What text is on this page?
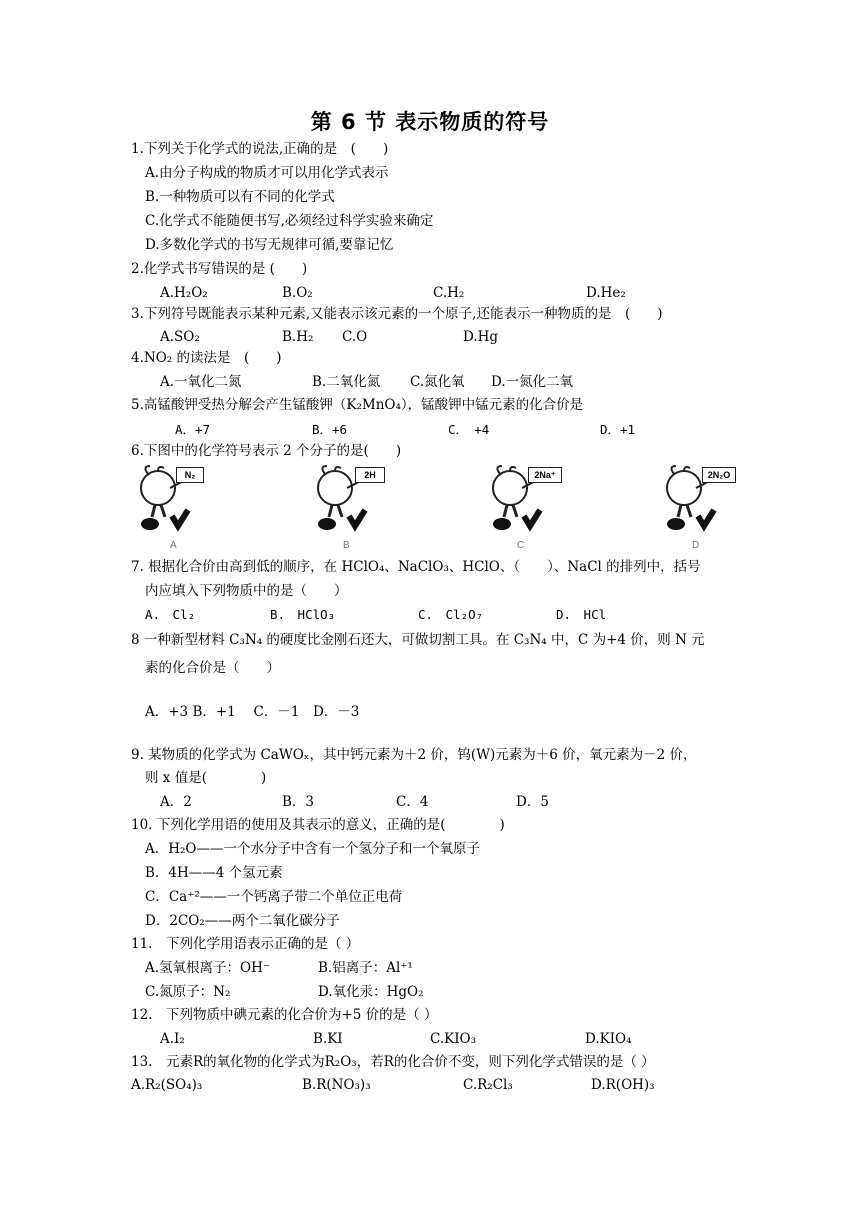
第 6 节 表示物质的符号
1.下列关于化学式的说法,正确的是　(　　)
A.由分子构成的物质才可以用化学式表示
B.一种物质可以有不同的化学式
C.化学式不能随便书写,必须经过科学实验来确定
D.多数化学式的书写无规律可循,要靠记忆
2.化学式书写错误的是 (　　)
A.H₂O₂	B.O₂	C.H₂	D.He₂
3.下列符号既能表示某种元素,又能表示该元素的一个原子,还能表示一种物质的是　(　　)
A.SO₂	B.H₂ C.O	D.Hg
4.NO₂ 的读法是　(　　)
A.一氧化二氮	B.二氧化氮 C.氮化氧 D.一氮化二氧
5.高锰酸钾受热分解会产生锰酸钾（K₂MnO₄），锰酸钾中锰元素的化合价是
A．+7	B．+6	C．　+4	D．+1
6.下图中的化学符号表示 2 个分子的是(　　)
N₂
A
2H
B
2Na⁺
C
2N₂O
D
7. 根据化合价由高到低的顺序，在 HClO₄、NaClO₃、HClO、（　　）、NaCl 的排列中，括号
内应填入下列物质中的是（　　）
A.　Cl₂	B.　HClO₃	C.　Cl₂O₇	D.　HCl
8 一种新型材料 C₃N₄ 的硬度比金刚石还大，可做切割工具。在 C₃N₄ 中，C 为+4 价，则 N 元
素的化合价是（　　）
A．+3 B．+1　 C．－1　D．－3
9. 某物质的化学式为 CaWOₓ，其中钙元素为＋2 价，钨(W)元素为＋6 价，氧元素为－2 价，
则 x 值是(　　　　)
A．2	B．3	C．4	D．5
10. 下列化学用语的使用及其表示的意义，正确的是(　　　　)
A．H₂O——一个水分子中含有一个氢分子和一个氧原子
B．4H——4 个氢元素
C．Ca⁺²——一个钙离子带二个单位正电荷
D．2CO₂——两个二氧化碳分子
11.　下列化学用语表示正确的是（ ）
A.氢氧根离子：OH⁻	B.铝离子：Al⁺¹
C.氮原子：N₂	D.氧化汞：HgO₂
12.　下列物质中碘元素的化合价为+5 价的是（ ）
A.I₂	B.KI	C.KIO₃	D.KIO₄
13.　元素R的氧化物的化学式为R₂O₃，若R的化合价不变，则下列化学式错误的是（ ）
A.R₂(SO₄)₃	B.R(NO₃)₃	C.R₂Cl₃	D.R(OH)₃
